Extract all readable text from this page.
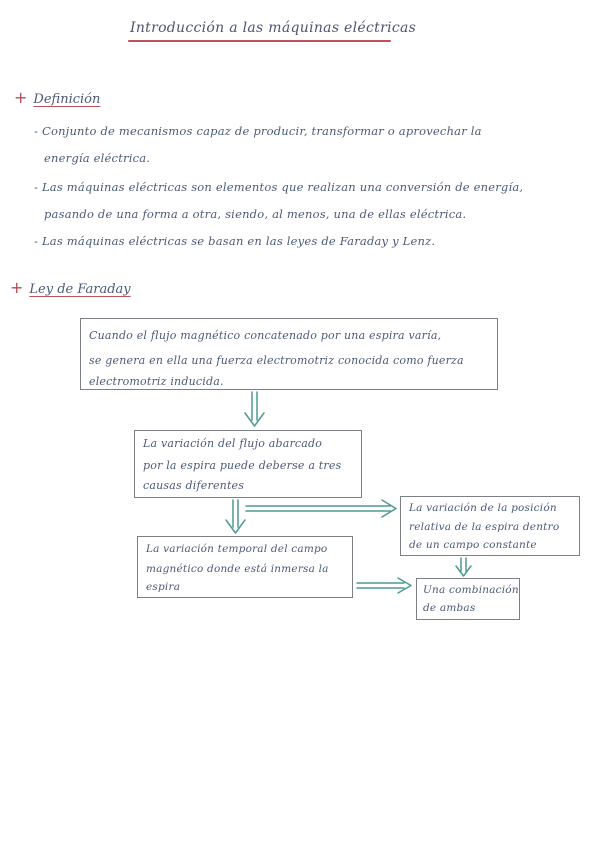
Introducción a las máquinas eléctricas
+ Definición
- Conjunto de mecanismos capaz de producir, transformar o aprovechar la
energía eléctrica.
- Las máquinas eléctricas son elementos que realizan una conversión de energía,
pasando de una forma a otra, siendo, al menos, una de ellas eléctrica.
- Las máquinas eléctricas se basan en las leyes de Faraday y Lenz.
+ Ley de Faraday

Cuando el flujo magnético concatenado por una espira varía,

se genera en ella una fuerza electromotriz conocida como fuerza

electromotriz inducida.

La variación del flujo abarcado

por la espira puede deberse a tres

causas diferentes

La variación de la posición

relativa de la espira dentro

de un campo constante

La variación temporal del campo

magnético donde está inmersa la

espira	Una combinación

de ambas
